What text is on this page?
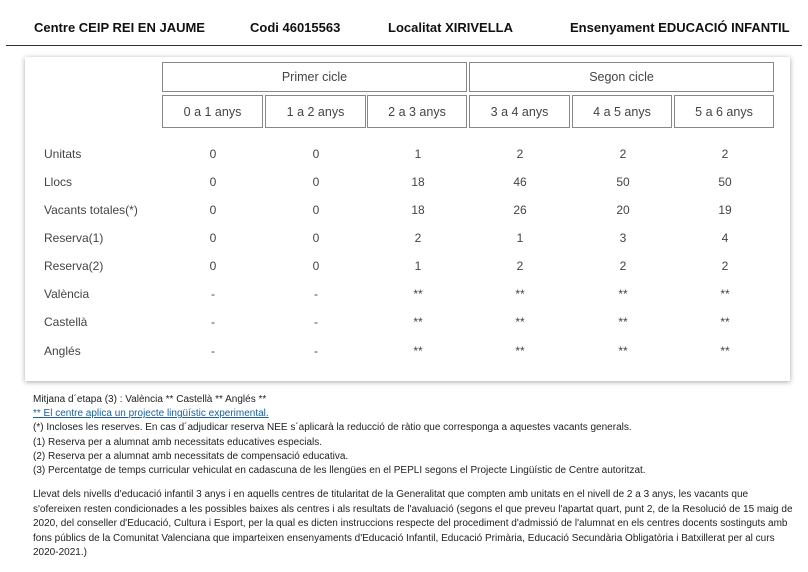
Centre CEIP REI EN JAUME	Codi 46015563	Localitat XIRIVELLA	Ensenyament EDUCACIÓ INFANTIL
Primer cicle	Segon cicle
0 a 1 anys	1 a 2 anys	2 a 3 anys	3 a 4 anys	4 a 5 anys	5 a 6 anys
Unitats	0	0	1	2	2	2
Llocs	0	0	18	46	50	50
Vacants totales(*)	0	0	18	26	20	19
Reserva(1)	0	0	2	1	3	4
Reserva(2)	0	0	1	2	2	2
València	-	-	**	**	**	**
Castellà	-	-	**	**	**	**
Anglés	-	-	**	**	**	**
Mitjana d´etapa (3) : València ** Castellà ** Anglés **
** El centre aplica un projecte lingüístic experimental.
(*) Incloses les reserves. En cas d´adjudicar reserva NEE s´aplicarà la reducció de ràtio que corresponga a aquestes vacants generals.
(1) Reserva per a alumnat amb necessitats educatives especials.
(2) Reserva per a alumnat amb necessitats de compensació educativa.
(3) Percentatge de temps curricular vehiculat en cadascuna de les llengües en el PEPLI segons el Projecte Lingüístic de Centre autoritzat.
Llevat dels nivells d'educació infantil 3 anys i en aquells centres de titularitat de la Generalitat que compten amb unitats en el nivell de 2 a 3 anys, les vacants que s'ofereixen resten condicionades a les possibles baixes als centres i als resultats de l'avaluació (segons el que preveu l'apartat quart, punt 2, de la Resolució de 15 maig de 2020, del conseller d'Educació, Cultura i Esport, per la qual es dicten instruccions respecte del procediment d'admissió de l'alumnat en els centres docents sostinguts amb fons públics de la Comunitat Valenciana que imparteixen ensenyaments d'Educació Infantil, Educació Primària, Educació Secundària Obligatòria i Batxillerat per al curs 2020-2021.)
